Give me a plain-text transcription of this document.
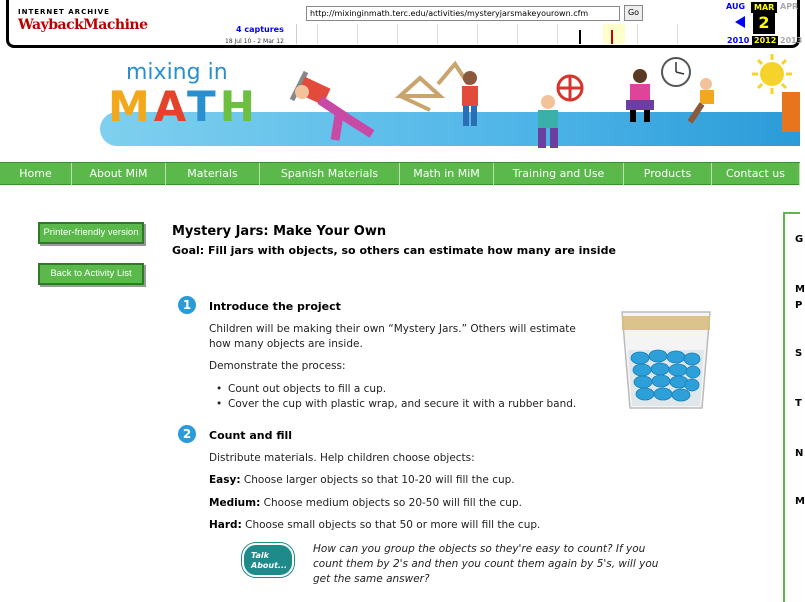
INTERNET ARCHIVE
WaybackMachine
http://mixinginmath.terc.edu/activities/mysteryjarsmakeyourown.cfm	Go
4 captures
18 Jul 10 - 2 Mar 12
AUG	MAR APR
2
2010 2012 2013
mixing in
MATH
Home	About MiM	Materials	Spanish Materials	Math in MiM	Training and Use	Products	Contact us
Printer-friendly version
Back to Activity List
Mystery Jars: Make Your Own
Goal: Fill jars with objects, so others can estimate how many are inside
1	Introduce the project
Children will be making their own “Mystery Jars.” Others will estimate
how many objects are inside.
Demonstrate the process:
• Count out objects to fill a cup.
• Cover the cup with plastic wrap, and secure it with a rubber band.
2	Count and fill
Distribute materials. Help children choose objects:
Easy: Choose larger objects so that 10-20 will fill the cup.
Medium: Choose medium objects so 20-50 will fill the cup.
Hard: Choose small objects so that 50 or more will fill the cup.
Talk
About...
How can you group the objects so they're easy to count? If you
count them by 2's and then you count them again by 5's, will you
get the same answer?
G
M
P
S
T
N
M
